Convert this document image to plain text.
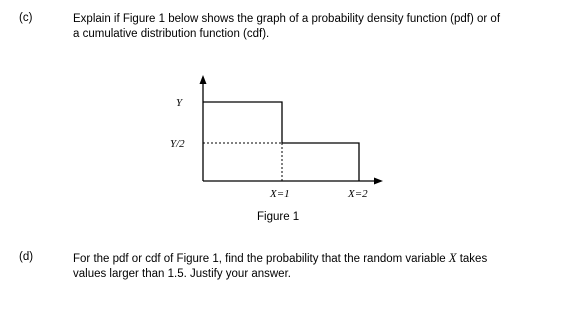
(c)	Explain if Figure 1 below shows the graph of a probability density function (pdf) or of
a cumulative distribution function (cdf).
Y
Y/2
X=1	X=2
Figure 1
(d)	For the pdf or cdf of Figure 1, find the probability that the random variable X takes
values larger than 1.5. Justify your answer.
